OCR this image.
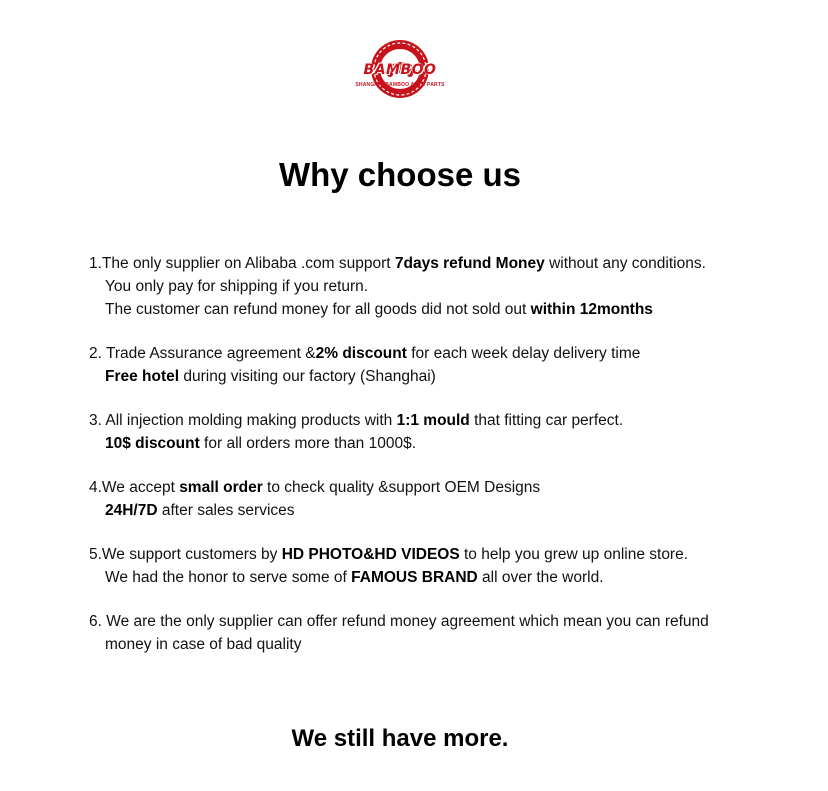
BAMBOO
SHANGHAI BAMBOO AUTO PARTS
Why choose us
1.The only supplier on Alibaba .com support 7days refund Money without any conditions.
You only pay for shipping if you return.
The customer can refund money for all goods did not sold out within 12months
2. Trade Assurance agreement &2% discount for each week delay delivery time
Free hotel during visiting our factory (Shanghai)
3. All injection molding making products with 1:1 mould that fitting car perfect.
10$ discount for all orders more than 1000$.
4.We accept small order to check quality &support OEM Designs
24H/7D after sales services
5.We support customers by HD PHOTO&HD VIDEOS to help you grew up online store.
We had the honor to serve some of FAMOUS BRAND all over the world.
6. We are the only supplier can offer refund money agreement which mean you can refund
money in case of bad quality
We still have more.
